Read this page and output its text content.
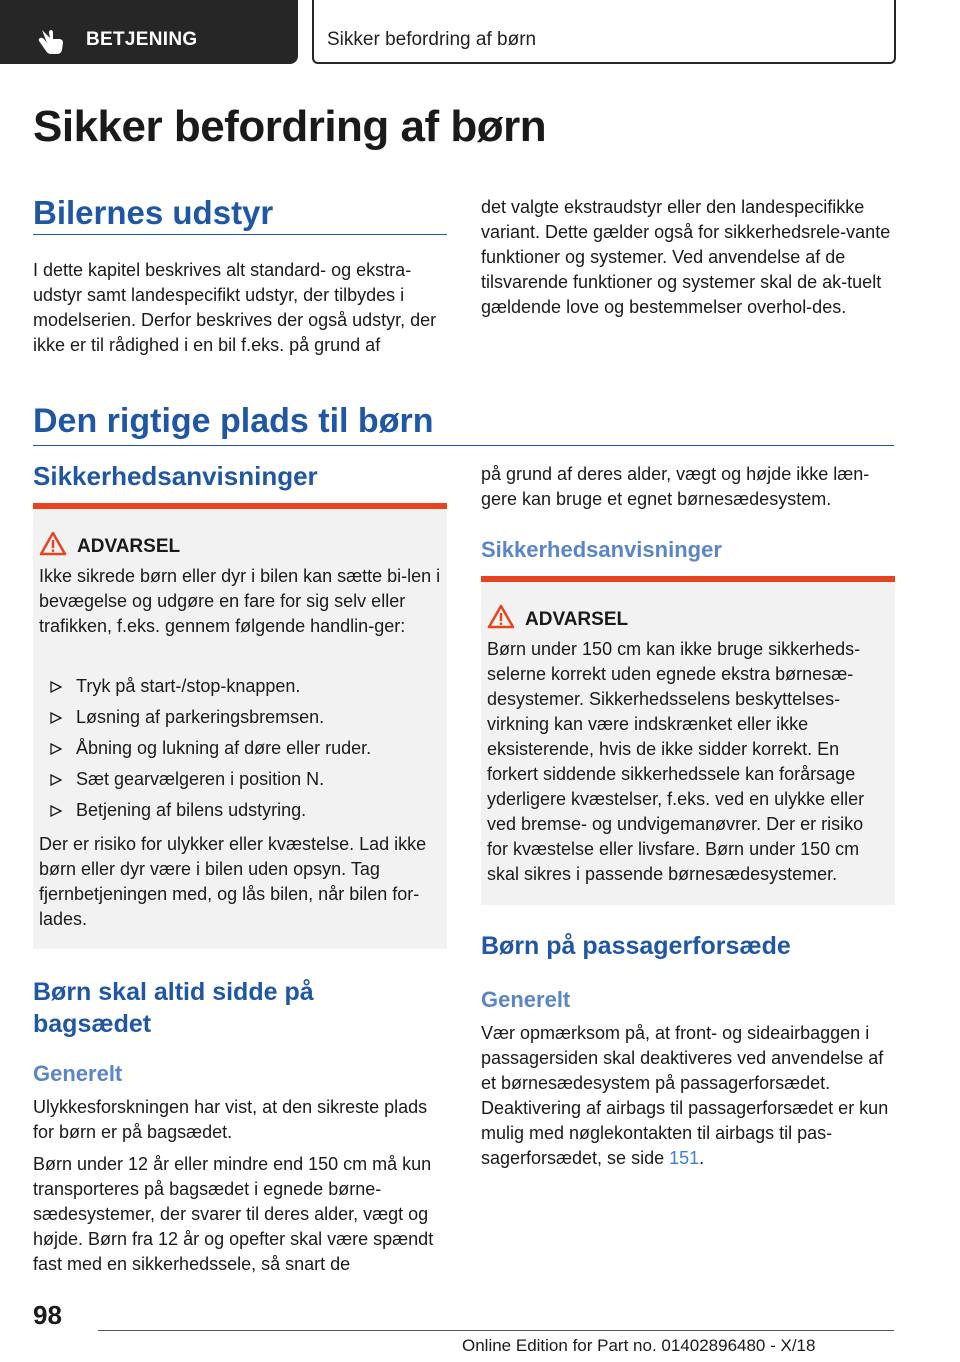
BETJENING	Sikker befordring af børn
Sikker befordring af børn
Bilernes udstyr

I dette kapitel beskrives alt standard- og ekstra-udstyr samt landespecifikt udstyr, der tilbydes i modelserien. Derfor beskrives der også udstyr, der ikke er til rådighed i en bil f.eks. på grund af

det valgte ekstraudstyr eller den landespecifikke variant. Dette gælder også for sikkerhedsrele-vante funktioner og systemer. Ved anvendelse af de tilsvarende funktioner og systemer skal de ak-tuelt gældende love og bestemmelser overhol-des.

Den rigtige plads til børn
Sikkerhedsanvisninger
ADVARSEL

Ikke sikrede børn eller dyr i bilen kan sætte bi-len i bevægelse og udgøre en fare for sig selv eller trafikken, f.eks. gennem følgende handlin-ger:

Tryk på start-/stop-knappen.
Løsning af parkeringsbremsen.
Åbning og lukning af døre eller ruder.
Sæt gearvælgeren i position N.
Betjening af bilens udstyring.

Der er risiko for ulykker eller kvæstelse. Lad ikke børn eller dyr være i bilen uden opsyn. Tag fjernbetjeningen med, og lås bilen, når bilen for-lades.

Børn skal altid sidde på bagsædet
Generelt

Ulykkesforskningen har vist, at den sikreste plads for børn er på bagsædet.

Børn under 12 år eller mindre end 150 cm må kun transporteres på bagsædet i egnede børne-sædesystemer, der svarer til deres alder, vægt og højde. Børn fra 12 år og opefter skal være spændt fast med en sikkerhedssele, så snart de

på grund af deres alder, vægt og højde ikke læn-gere kan bruge et egnet børnesædesystem.

Sikkerhedsanvisninger
ADVARSEL

Børn under 150 cm kan ikke bruge sikkerheds-selerne korrekt uden egnede ekstra børnesæ-desystemer. Sikkerhedsselens beskyttelses-virkning kan være indskrænket eller ikke eksisterende, hvis de ikke sidder korrekt. En forkert siddende sikkerhedssele kan forårsage yderligere kvæstelser, f.eks. ved en ulykke eller ved bremse- og undvigemanøvrer. Der er risiko for kvæstelse eller livsfare. Børn under 150 cm skal sikres i passende børnesædesystemer.

Børn på passagerforsæde
Generelt

Vær opmærksom på, at front- og sideairbaggen i passagersiden skal deaktiveres ved anvendelse af et børnesædesystem på passagerforsædet. Deaktivering af airbags til passagerforsædet er kun mulig med nøglekontakten til airbags til pas-sagerforsædet, se side 151.

98
Online Edition for Part no. 01402896480 - X/18
